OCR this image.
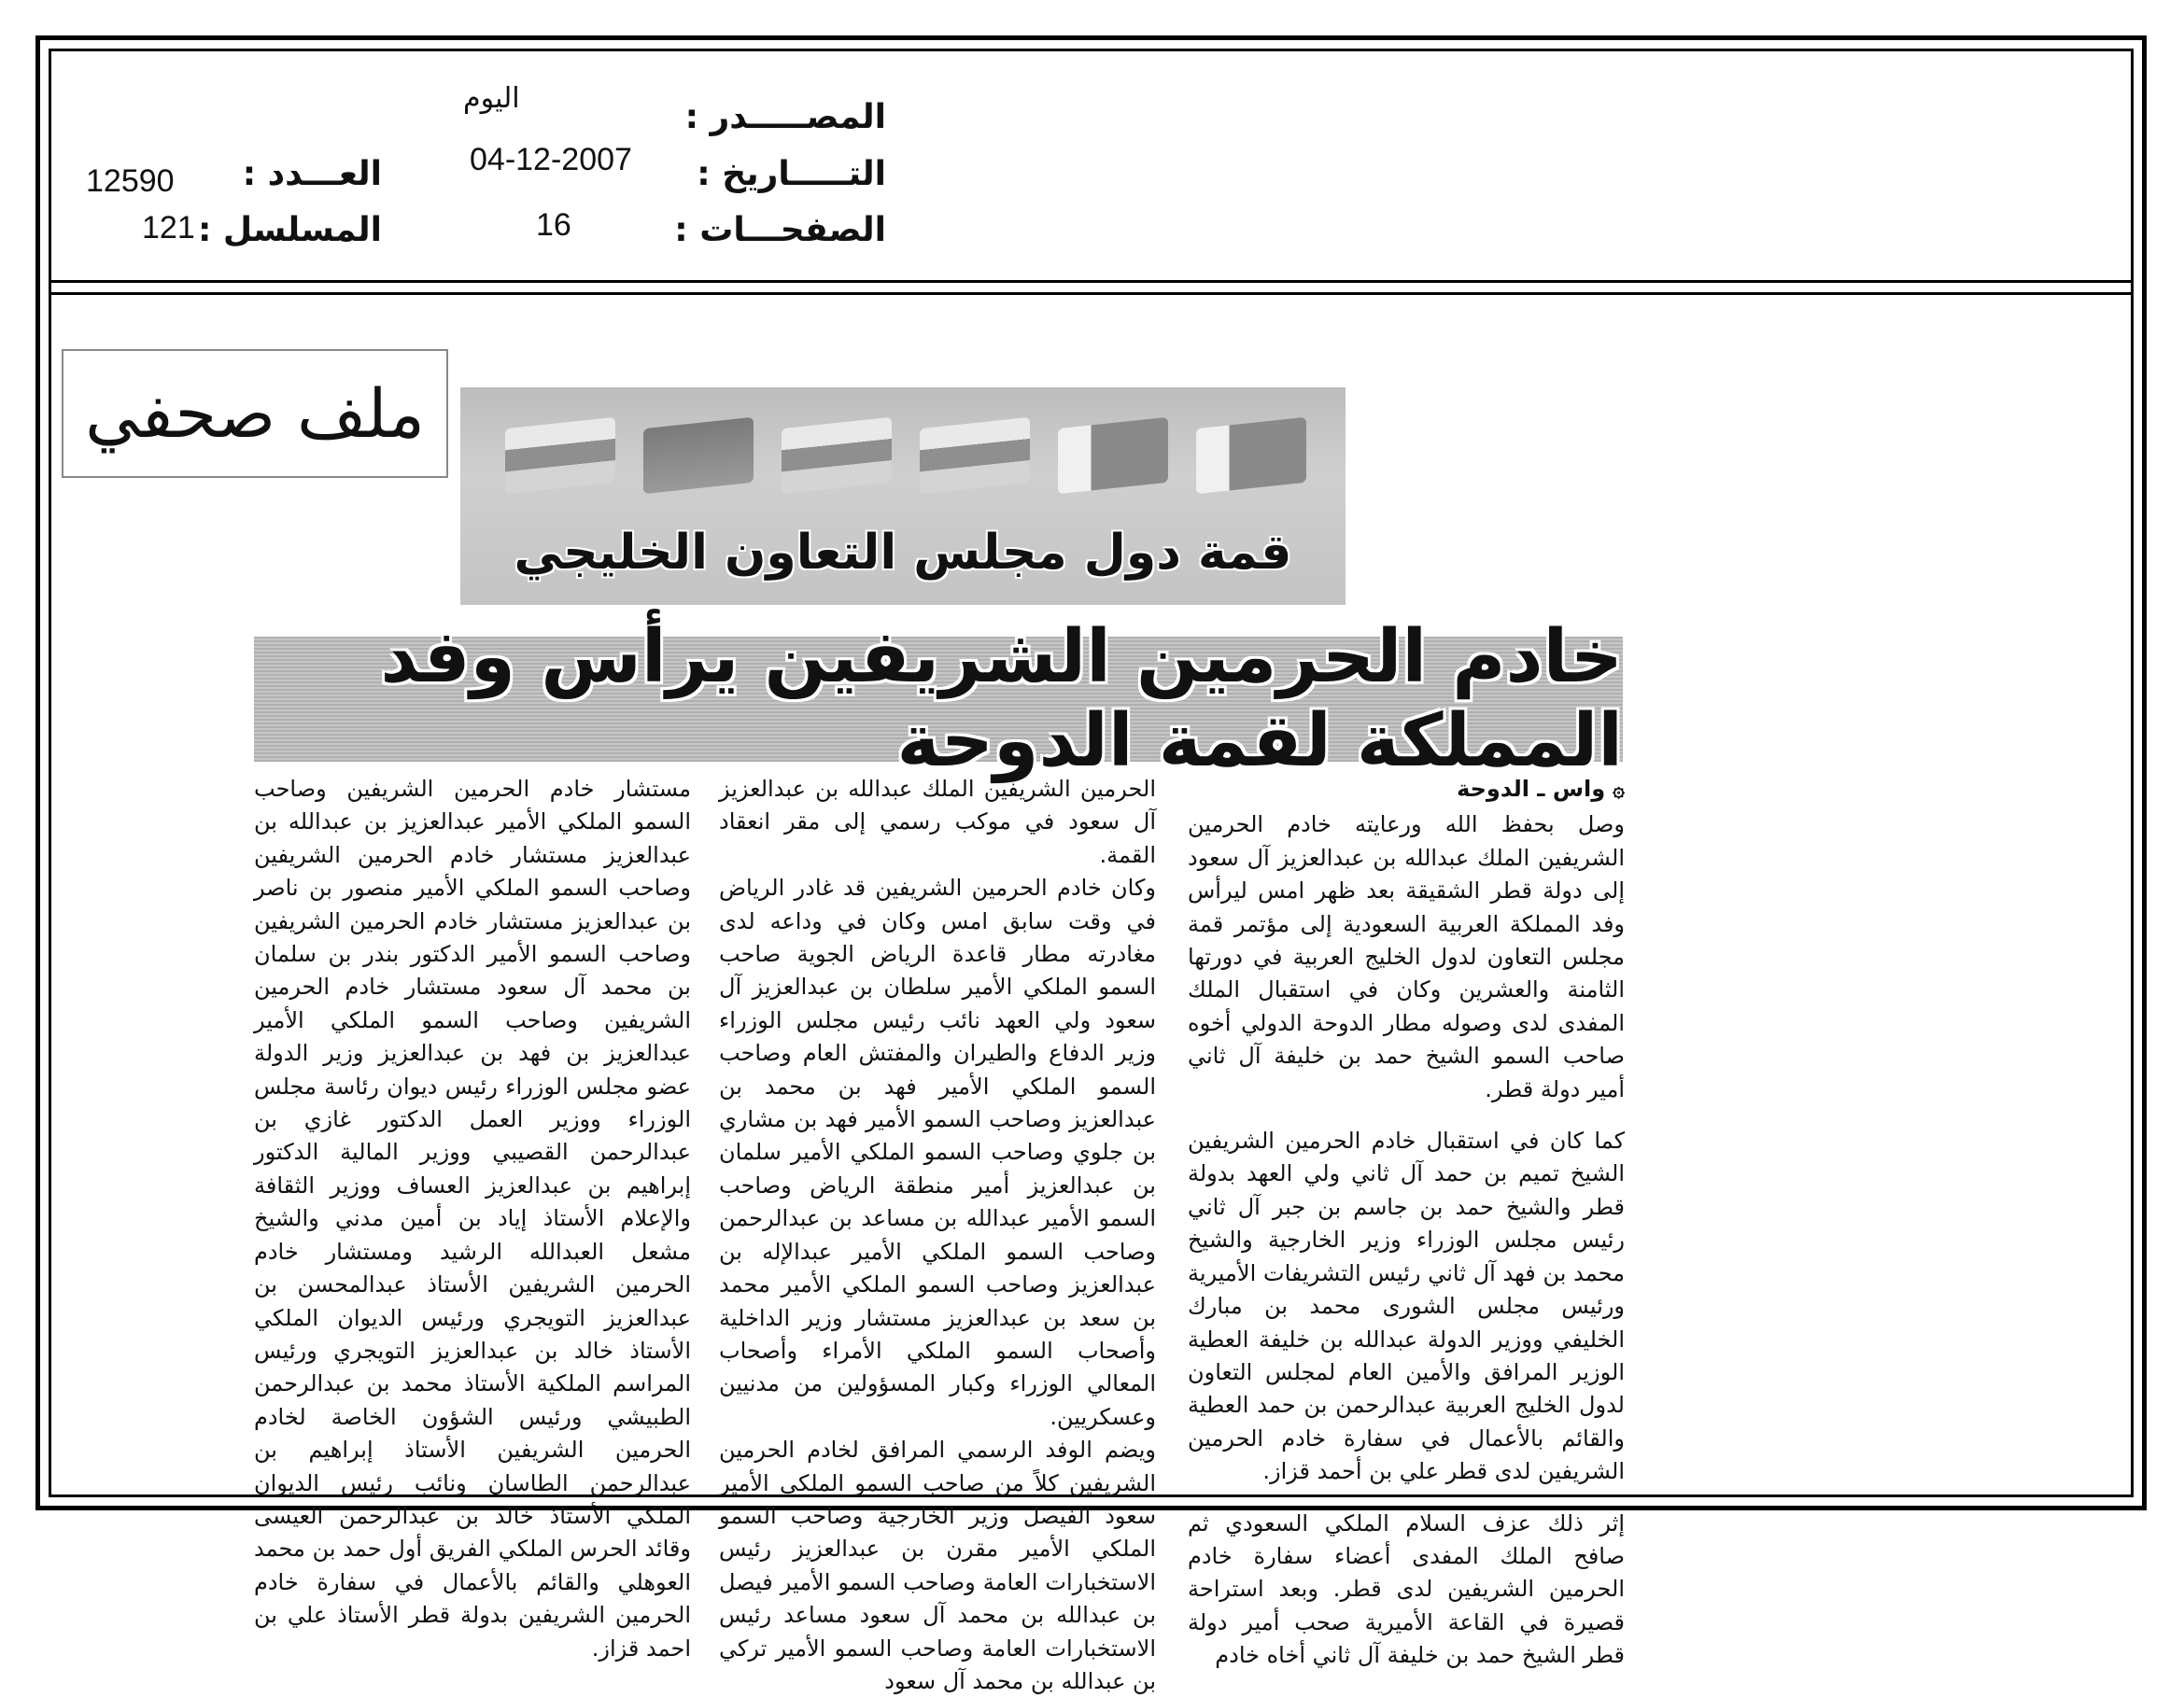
المصـــــدر :
اليوم
التـــــاريخ :
04-12-2007
الصفحـــات :
16
العـــدد :
12590
المسلسل :
121
ملف صحفي
قمة دول مجلس التعاون الخليجي
خادم الحرمين الشريفين يرأس وفد المملكة لقمة الدوحة

۞واس ـ الدوحة

وصل بحفظ الله ورعايته خادم الحرمين الشريفين الملك عبدالله بن عبدالعزيز آل سعود إلى دولة قطر الشقيقة بعد ظهر امس ليرأس وفد المملكة العربية السعودية إلى مؤتمر قمة مجلس التعاون لدول الخليج العربية في دورتها الثامنة والعشرين وكان في استقبال الملك المفدى لدى وصوله مطار الدوحة الدولي أخوه صاحب السمو الشيخ حمد بن خليفة آل ثاني أمير دولة قطر.

كما كان في استقبال خادم الحرمين الشريفين الشيخ تميم بن حمد آل ثاني ولي العهد بدولة قطر والشيخ حمد بن جاسم بن جبر آل ثاني رئيس مجلس الوزراء وزير الخارجية والشيخ محمد بن فهد آل ثاني رئيس التشريفات الأميرية ورئيس مجلس الشورى محمد بن مبارك الخليفي ووزير الدولة عبدالله بن خليفة العطية الوزير المرافق والأمين العام لمجلس التعاون لدول الخليج العربية عبدالرحمن بن حمد العطية والقائم بالأعمال في سفارة خادم الحرمين الشريفين لدى قطر علي بن أحمد قزاز.

إثر ذلك عزف السلام الملكي السعودي ثم صافح الملك المفدى أعضاء سفارة خادم الحرمين الشريفين لدى قطر. وبعد استراحة قصيرة في القاعة الأميرية صحب أمير دولة قطر الشيخ حمد بن خليفة آل ثاني أخاه خادم

الحرمين الشريفين الملك عبدالله بن عبدالعزيز آل سعود في موكب رسمي إلى مقر انعقاد القمة.

وكان خادم الحرمين الشريفين قد غادر الرياض في وقت سابق امس وكان في وداعه لدى مغادرته مطار قاعدة الرياض الجوية صاحب السمو الملكي الأمير سلطان بن عبدالعزيز آل سعود ولي العهد نائب رئيس مجلس الوزراء وزير الدفاع والطيران والمفتش العام وصاحب السمو الملكي الأمير فهد بن محمد بن عبدالعزيز وصاحب السمو الأمير فهد بن مشاري بن جلوي وصاحب السمو الملكي الأمير سلمان بن عبدالعزيز أمير منطقة الرياض وصاحب السمو الأمير عبدالله بن مساعد بن عبدالرحمن وصاحب السمو الملكي الأمير عبدالإله بن عبدالعزيز وصاحب السمو الملكي الأمير محمد بن سعد بن عبدالعزيز مستشار وزير الداخلية وأصحاب السمو الملكي الأمراء وأصحاب المعالي الوزراء وكبار المسؤولين من مدنيين وعسكريين.

ويضم الوفد الرسمي المرافق لخادم الحرمين الشريفين كلاً من صاحب السمو الملكي الأمير سعود الفيصل وزير الخارجية وصاحب السمو الملكي الأمير مقرن بن عبدالعزيز رئيس الاستخبارات العامة وصاحب السمو الأمير فيصل بن عبدالله بن محمد آل سعود مساعد رئيس الاستخبارات العامة وصاحب السمو الأمير تركي بن عبدالله بن محمد آل سعود

مستشار خادم الحرمين الشريفين وصاحب السمو الملكي الأمير عبدالعزيز بن عبدالله بن عبدالعزيز مستشار خادم الحرمين الشريفين وصاحب السمو الملكي الأمير منصور بن ناصر بن عبدالعزيز مستشار خادم الحرمين الشريفين وصاحب السمو الأمير الدكتور بندر بن سلمان بن محمد آل سعود مستشار خادم الحرمين الشريفين وصاحب السمو الملكي الأمير عبدالعزيز بن فهد بن عبدالعزيز وزير الدولة عضو مجلس الوزراء رئيس ديوان رئاسة مجلس الوزراء ووزير العمل الدكتور غازي بن عبدالرحمن القصيبي ووزير المالية الدكتور إبراهيم بن عبدالعزيز العساف ووزير الثقافة والإعلام الأستاذ إياد بن أمين مدني والشيخ مشعل العبدالله الرشيد ومستشار خادم الحرمين الشريفين الأستاذ عبدالمحسن بن عبدالعزيز التويجري ورئيس الديوان الملكي الأستاذ خالد بن عبدالعزيز التويجري ورئيس المراسم الملكية الأستاذ محمد بن عبدالرحمن الطبيشي ورئيس الشؤون الخاصة لخادم الحرمين الشريفين الأستاذ إبراهيم بن عبدالرحمن الطاسان ونائب رئيس الديوان الملكي الأستاذ خالد بن عبدالرحمن العيسى وقائد الحرس الملكي الفريق أول حمد بن محمد العوهلي والقائم بالأعمال في سفارة خادم الحرمين الشريفين بدولة قطر الأستاذ علي بن احمد قزاز.
